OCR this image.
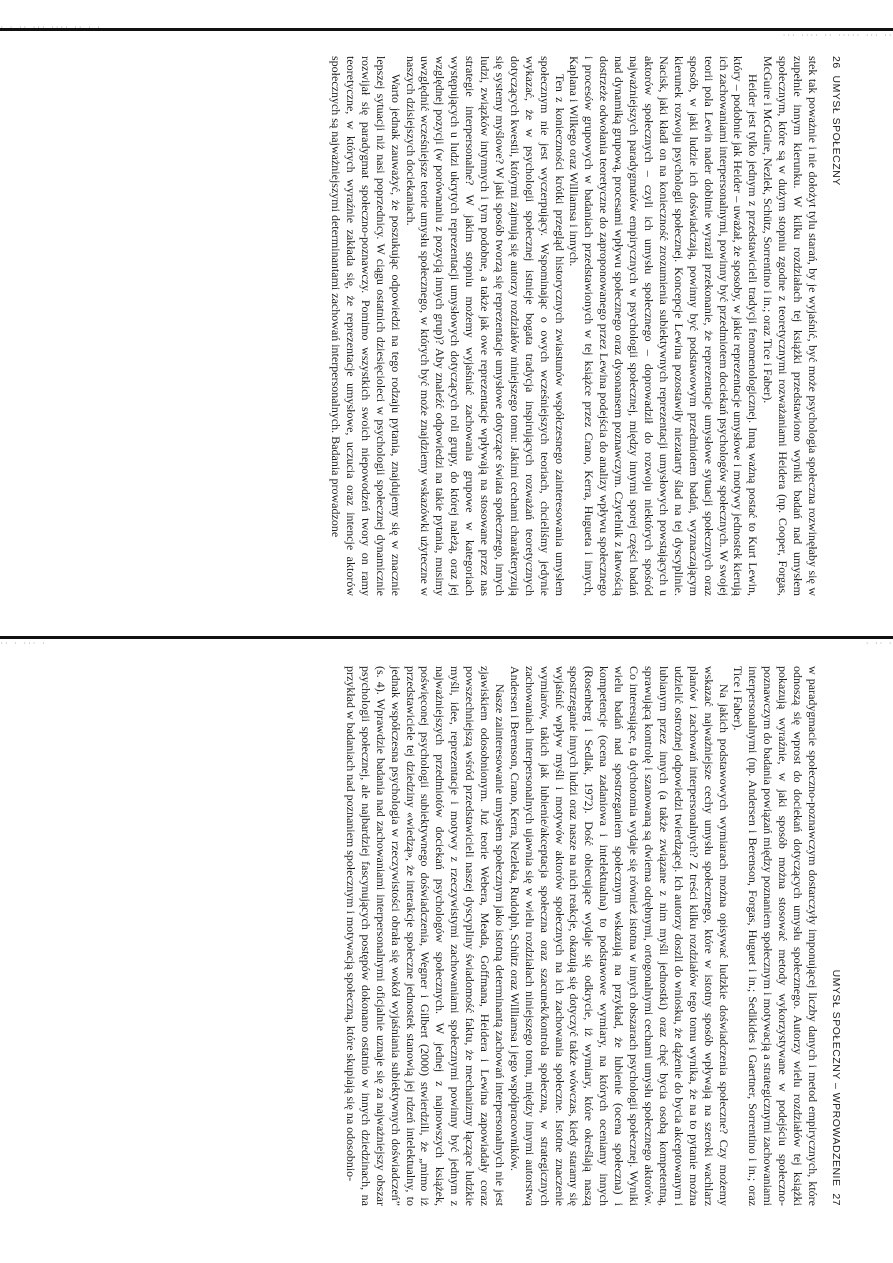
· · ·· ··· ···· ·· · ·
··· ···· ·· ····· ··· ··
·· · ··· ·	· ·· ·
26  UMYSŁ SPOŁECZNY

stek tak poważnie i nie dołożyt tylu starań, by je wyjaśnić, być może psychologia społeczna rozwinęłaby się w zupełnie innym kierunku. W kilku rozdziałach tej książki przedstawiono wyniki badań nad umysłem społecznym, które są w dużym stopniu zgodne z teoretycznymi rozważaniami Heidera (np. Cooper, Forgas, McGuire i McGuire, Nezlek, Schütz, Sorrentino i in.; oraz Tice i Faber).

Heider jest tylko jednym z przedstawicieli tradycji fenomenologicznej. Inną ważną postać to Kurt Lewin, który – podobnie jak Heider – uważał, że sposoby, w jakie reprezentacje umysłowe i motywy jednostek kierują ich zachowaniami interpersonalnymi, powinny być przedmiotem dociekań psychologów społecznych. W swojej teorii pola Lewin nader dobitnie wyraził przekonanie, że reprezentacje umysłowe sytuacji społecznych oraz sposób, w jaki ludzie ich doświadczają, powinny być podstawowym przedmiotem badań, wyznaczającym kierunek rozwoju psychologii społecznej. Koncepcje Lewina pozostawiły niezatarty ślad na tej dyscyplinie. Nacisk, jaki kładł on na konieczność zrozumienia subiektywnych reprezentacji umysłowych powstających u aktorów społecznych – czyli ich umysłu społecznego – doprowadził do rozwoju niektórych spośród najważniejszych paradygmatów empirycznych w psychologii społecznej, między innymi sporej części badań nad dynamiką grupową, procesami wpływu społecznego oraz dysonansem poznawczym. Czytelnik z łatwością dostrzeże odwołania teoretyczne do zaproponowanego przez Lewina podejścia do analizy wpływu społecznego i procesów grupowych w badaniach przedstawionych w tej książce przez Crano, Kerra, Hugueta i innych, Kaplana i Wilkego oraz Williamsa i innych.

Ten z konieczności krótki przegląd historycznych zwiastunów współczesnego zainteresowania umysłem społecznym nie jest wyczerpujący. Wspominając o owych wcześniejszych teoriach, chcieliśmy jedynie wykazać, że w psychologii społecznej istnieje bogata tradycja inspirujących rozważań teoretycznych dotyczących kwestii, którymi zajmują się autorzy rozdziałów niniejszego tomu: Jakimi cechami charakteryzują się systemy myślowe? W jaki sposób tworzą się reprezentacje umysłowe dotyczące świata społecznego, innych ludzi, związków intymnych i tym podobne, a także jak owe reprezentacje wpływają na stosowane przez nas strategie interpersonalne? W jakim stopniu możemy wyjaśniać zachowania grupowe w kategoriach występujących u ludzi ukrytych reprezentacji umysłowych dotyczących roli grupy, do której należą, oraz jej względnej pozycji (w porównaniu z pozycją innych grup)? Aby znaleźć odpowiedzi na takie pytania, musimy uwzględnić wcześniejsze teorie umysłu społecznego, w których być może znajdziemy wskazówki użyteczne w naszych dzisiejszych dociekaniach.

Warto jednak zauważyć, że poszukując odpowiedzi na tego rodzaju pytania, znajdujemy się w znacznie lepszej sytuacji niż nasi poprzednicy. W ciągu ostatnich dziesięcioleci w psychologii społecznej dynamicznie rozwijał się paradygmat społeczno-poznawczy. Pomimo wszystkich swoich niepowodzeń twory on ramy teoretyczne, w których wyraźnie zakłada się, że reprezentacje umysłowe, uczucia oraz intencje aktorów społecznych są najważniejszymi determinantami zachowań interpersonalnych. Badania prowadzone

UMYSŁ SPOŁECZNY – WPROWADZENIE  27

w paradygmacie społeczno-poznawczym dostarczyły imponującej liczby danych i metod empirycznych, które odnoszą się wprost do dociekań dotyczących umysłu społecznego. Autorzy wielu rozdziałów tej książki pokazują wyraźnie, w jaki sposób można stosować metody wykorzystywane w podejściu społeczno-poznawczym do badania powiązań między poznaniem społecznym i motywacją a strategicznymi zachowaniami interpersonalnymi (np. Andersen i Berenson, Forgas, Huguet i in.; Sedikides i Gaertner, Sorrentino i in.; oraz Tice i Faber).

Na jakich podstawowych wymiarach można opisywać ludzkie doświadczenia społeczne? Czy możemy wskazać najważniejsze cechy umysłu społecznego, które w istotny sposób wpływają na szeroki wachlarz planów i zachowań interpersonalnych? Z treści kilku rozdziałów tego tomu wynika, że na to pytanie można udzielić ostrożnej odpowiedzi twierdzącej. Ich autorzy doszli do wniosku, że dążenie do bycia akceptowanym i lubianym przez innych (a także związane z nim myśli jednostki) oraz chęć bycia osobą kompetentną, sprawującą kontrolę i szanowaną są dwiema odrębnymi, ortogonalnymi cechami umysłu społecznego aktorów. Co interesujące, ta dychotomia wydaje się również istotna w innych obszarach psychologii społecznej. Wyniki wielu badań nad spostrzeganiem społecznym wskazują na przykład, że lubienie (ocena społeczna) i kompetencje (ocena zadaniowa i intelektualna) to podstawowe wymiary, na których oceniamy innych (Rosenberg i Sedlak, 1972). Dość obiecujące wydaje się odkrycie, iż wymiary, które określają naszą spostrzeganie innych ludzi oraz nasze na nich reakcje, okazują się dotyczyć także wówczas, kiedy staramy się wyjaśnić wpływ myśli i motywów aktorów społecznych na ich zachowania społeczne. Istotne znaczenie wymiarów, takich jak lubienie/akceptacja społeczna oraz szacunek/kontrola społeczna, w strategicznych zachowaniach interpersonalnych ujawnia się w wielu rozdziałach niniejszego tomu, między innymi autorstwa Andersen i Berenson, Crano, Kerra, Nezleka, Rudolph, Schütz oraz Williamsa i jego współpracowników.

Nasze zainteresowanie umysłem społecznym jako istotną determinantą zachowań interpersonalnych nie jest zjawiskiem odosobnionym. Już teorie Webera, Meada, Goffmana, Heidera i Lewina zapowiadały coraz powszechniejszą wśród przedstawicieli naszej dyscypliny świadomość faktu, że mechanizmy łączące ludzkie myśli, idee, reprezentacje i motywy z rzeczywistymi zachowaniami społecznymi powinny być jednym z najważniejszych przedmiotów dociekań psychologów społecznych. W jednej z najnowszych książek, poświęconej psychologii subiektywnego doświadczenia, Wegner i Gilbert (2000) stwierdzili, że „mimo iż przedstawiciele tej dziedziny «wiedzą», że interakcje społeczne jednostek stanowią jej rdzeń intelektualny, to jednak współczesna psychologia w rzeczywistości obrała się wokół wyjaśniania subiektywnych doświadczeń” (s. 4). Wprawdzie badania nad zachowaniami interpersonalnymi oficjalnie uznaje się za najważniejszy obszar psychologii społecznej, ale najbardziej fascynujących postępów dokonano ostatnio w innych dziedzinach, na przykład w badaniach nad poznaniem społecznym i motywacją społeczną, które skupiają się na odosobnio-
